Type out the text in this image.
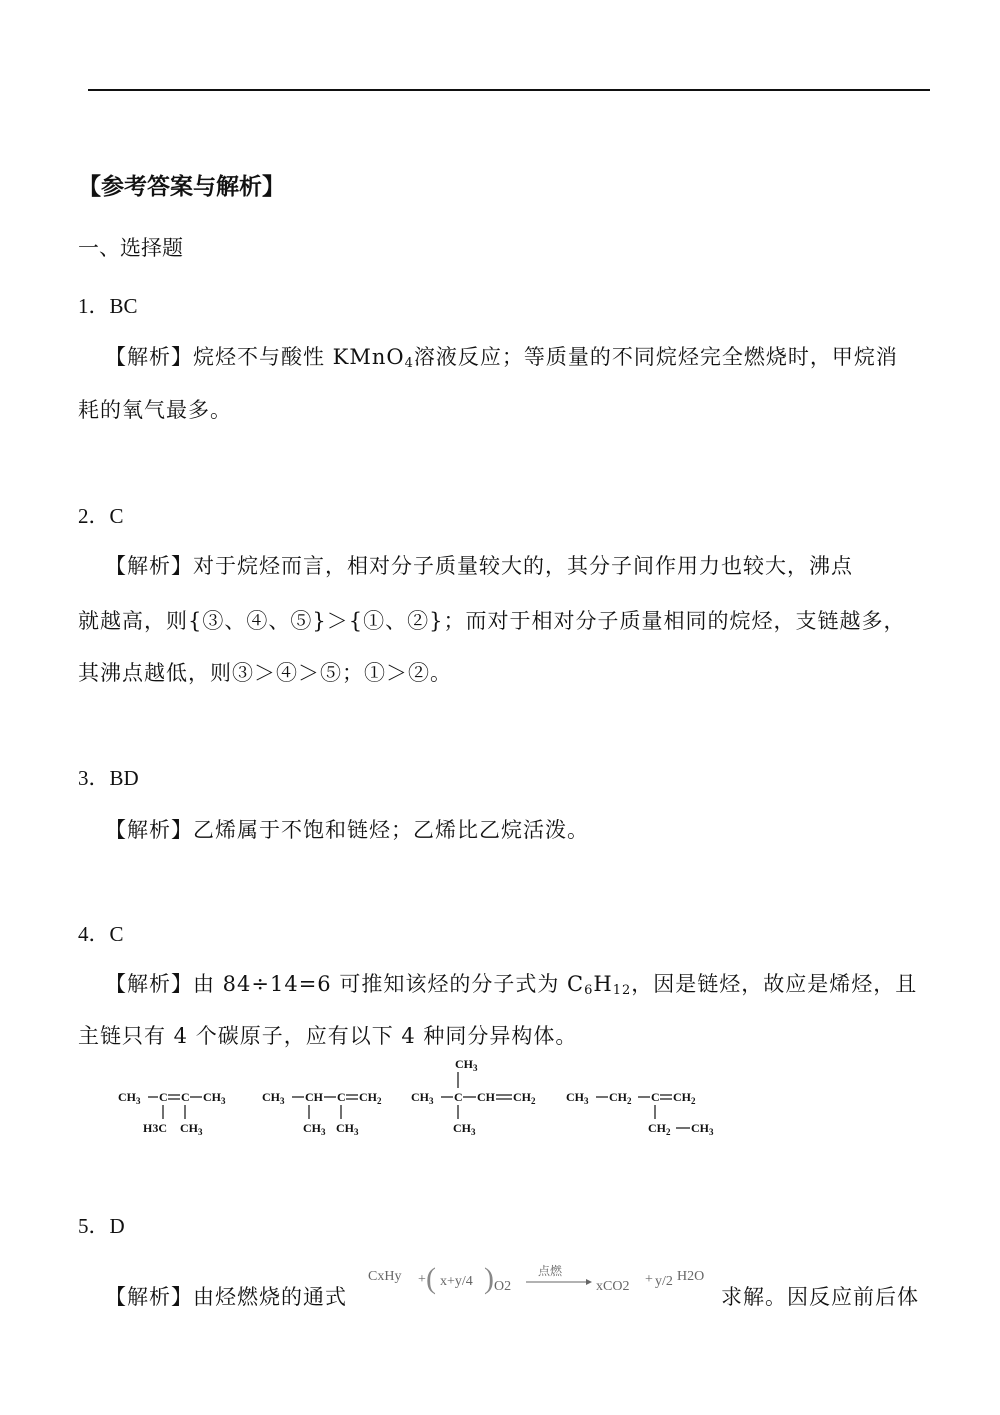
【参考答案与解析】
一、选择题
1．BC
【解析】烷烃不与酸性 KMnO$_4$溶液反应；等质量的不同烷烃完全燃烧时，甲烷消
耗的氧气最多。
2．C
【解析】对于烷烃而言，相对分子质量较大的，其分子间作用力也较大，沸点
就越高，则{③、④、⑤}＞{①、②}；而对于相对分子质量相同的烷烃，支链越多，
其沸点越低，则③＞④＞⑤；①＞②。
3．BD
【解析】乙烯属于不饱和链烃；乙烯比乙烷活泼。
4．C
【解析】由 84÷14=6 可推知该烃的分子式为 $C_6H_{12}$，因是链烃，故应是烯烃，且
主链只有 4 个碳原子，应有以下 4 种同分异构体。
$CH_3$ C C $CH_3$
H3C $CH_3$
$CH_3$ CH C $CH_2$
$CH_3$ $CH_3$
$CH_3$
$CH_3$ C CH $CH_2$
$CH_3$
$CH_3$ $CH_2$ C $CH_2$
$CH_2$ $CH_3$
5．D
【解析】由烃燃烧的通式	求解。因反应前后体
CxHy + ( x+y/4 ) O2
点燃
xCO2 + y/2 H2O
